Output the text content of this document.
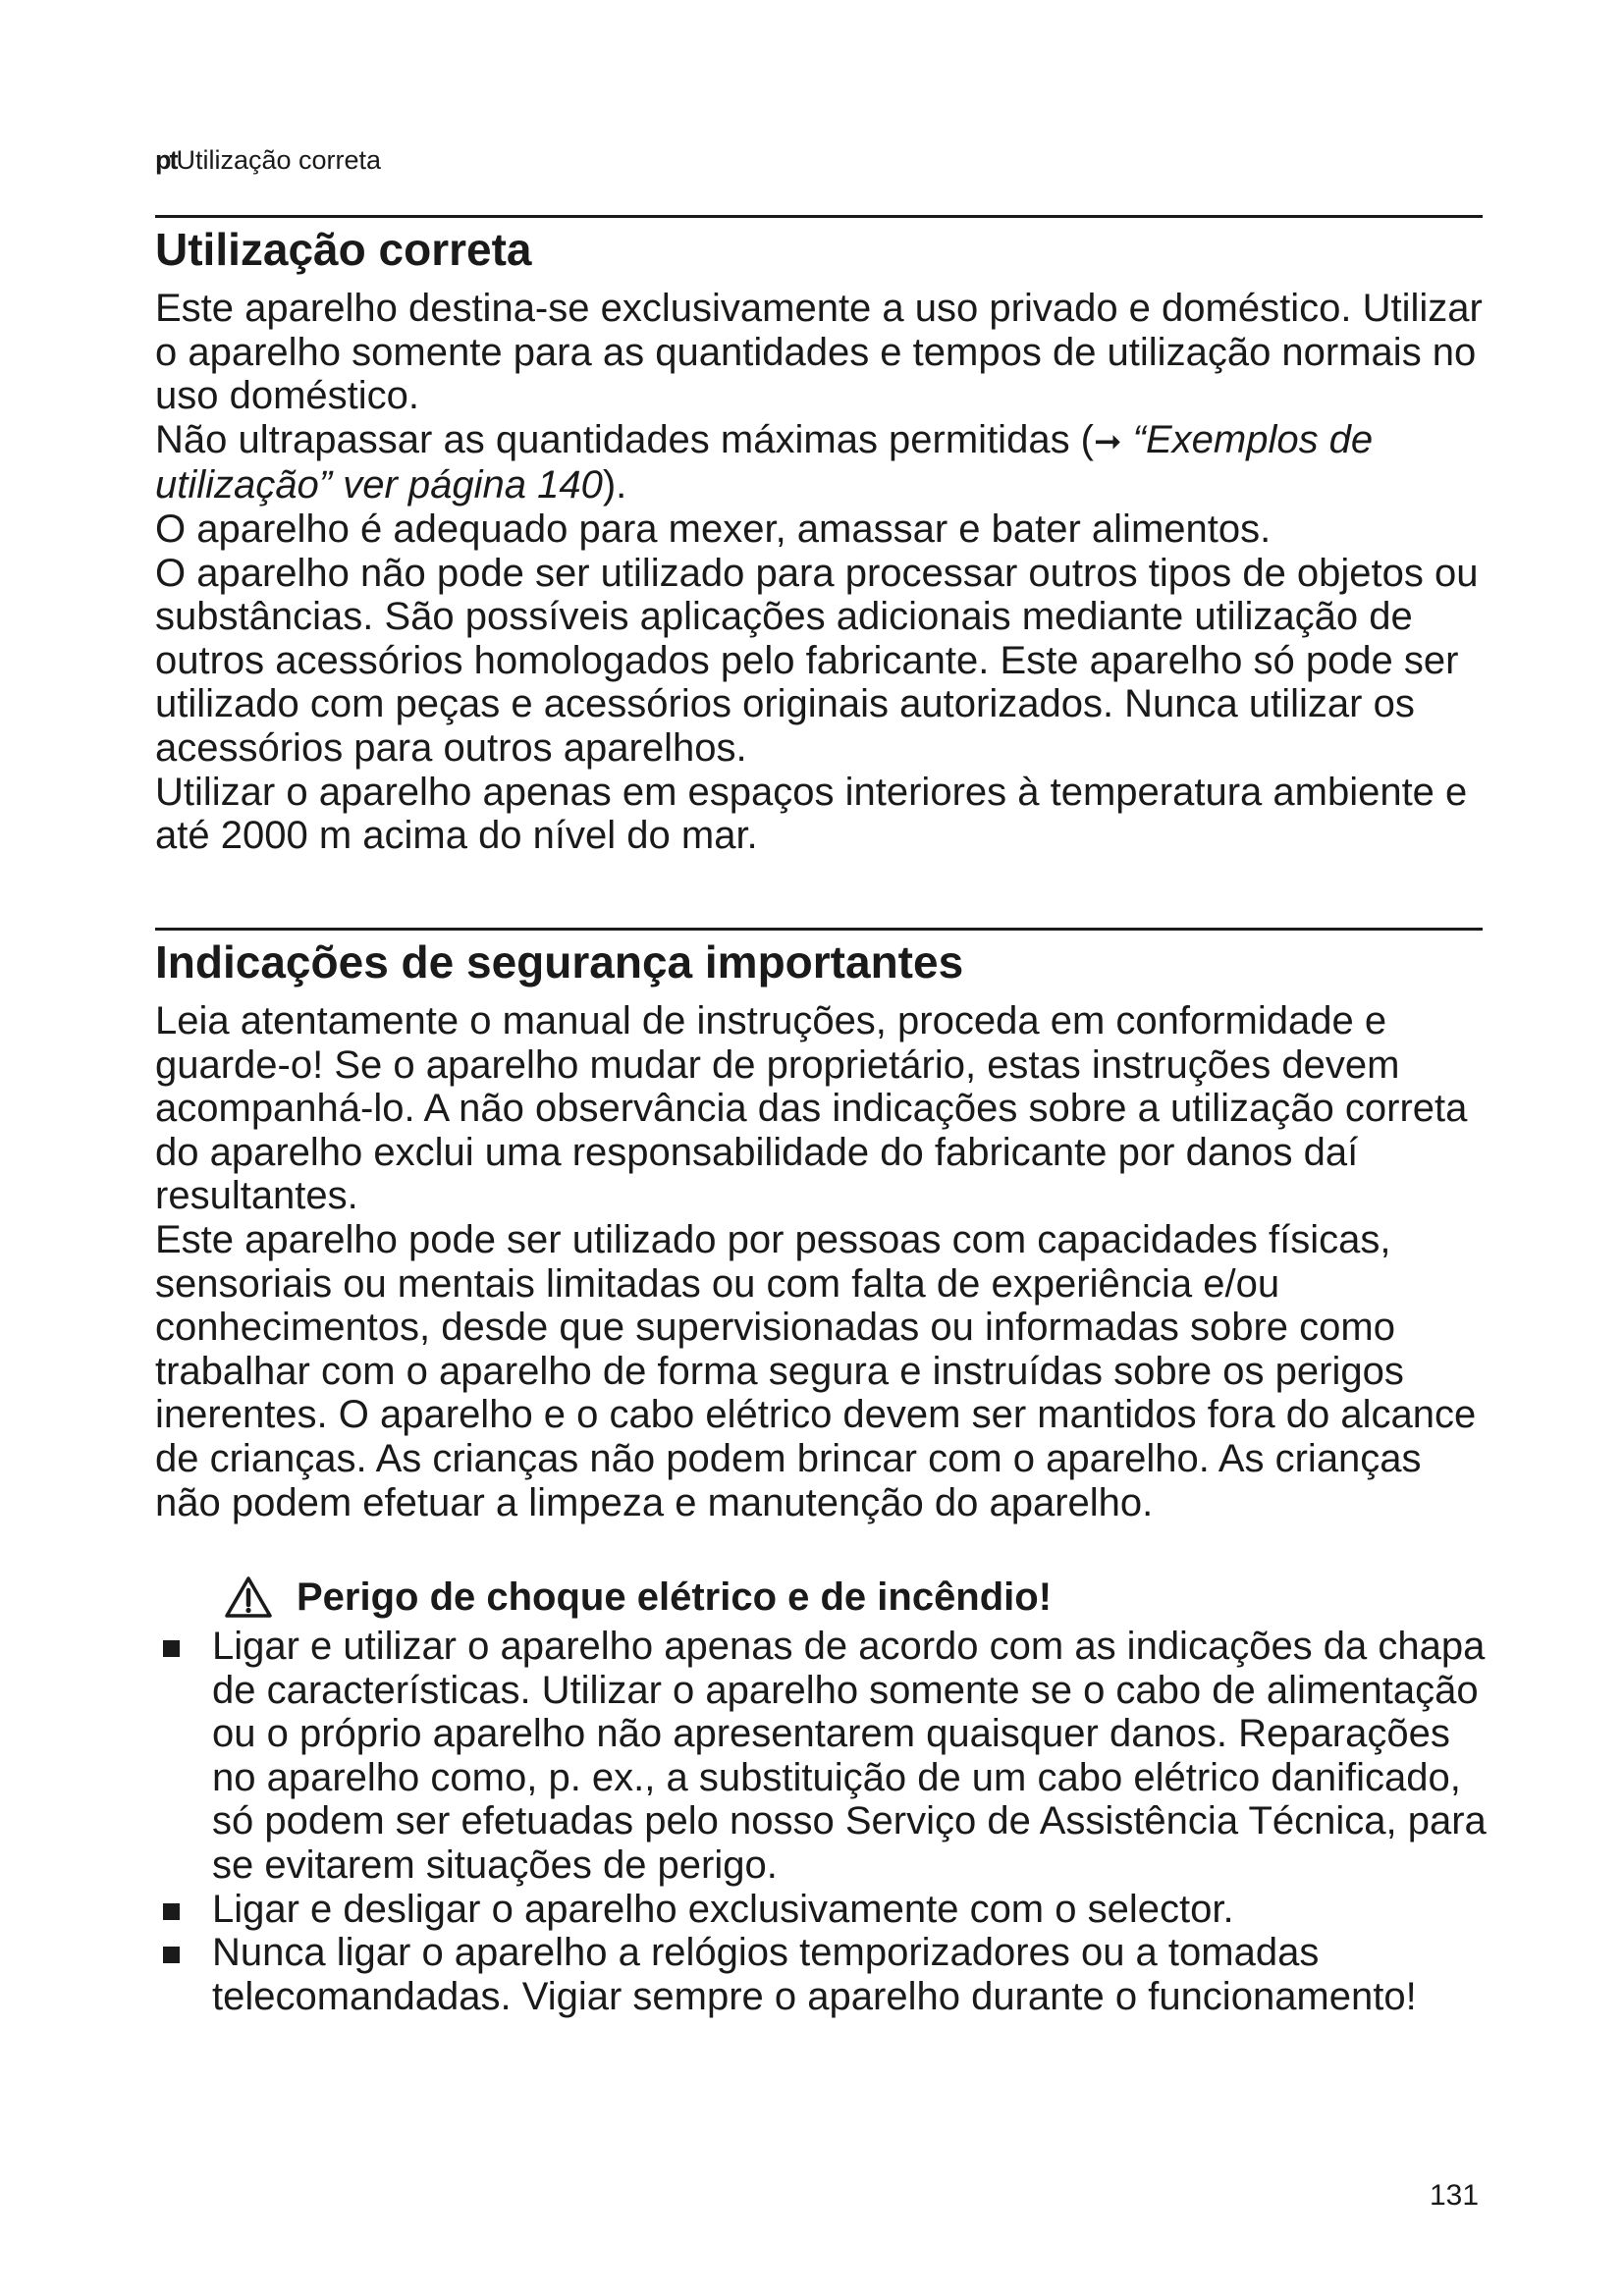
ptUtilização correta
Utilização correta

Este aparelho destina-se exclusivamente a uso privado e doméstico. Utilizar o aparelho somente para as quantidades e tempos de utilização normais no uso doméstico.

Não ultrapassar as quantidades máximas permitidas (➞ “Exemplos de utilização” ver página 140).

O aparelho é adequado para mexer, amassar e bater alimentos.

O aparelho não pode ser utilizado para processar outros tipos de objetos ou substâncias. São possíveis aplicações adicionais mediante utilização de outros acessórios homologados pelo fabricante. Este aparelho só pode ser utilizado com peças e acessórios originais autorizados. Nunca utilizar os acessórios para outros aparelhos.

Utilizar o aparelho apenas em espaços interiores à temperatura ambiente e até 2000 m acima do nível do mar.

Indicações de segurança importantes

Leia atentamente o manual de instruções, proceda em conformidade e guarde-o! Se o aparelho mudar de proprietário, estas instruções devem acompanhá-lo. A não observância das indicações sobre a utilização correta do aparelho exclui uma responsabilidade do fabricante por danos daí resultantes.

Este aparelho pode ser utilizado por pessoas com capacidades físicas, sensoriais ou mentais limitadas ou com falta de experiência e/ou conhecimentos, desde que supervisionadas ou informadas sobre como trabalhar com o aparelho de forma segura e instruídas sobre os perigos inerentes. O aparelho e o cabo elétrico devem ser mantidos fora do alcance de crianças. As crianças não podem brincar com o aparelho. As crianças não podem efetuar a limpeza e manutenção do aparelho.

Perigo de choque elétrico e de incêndio!
Ligar e utilizar o aparelho apenas de acordo com as indicações da chapa de características. Utilizar o aparelho somente se o cabo de alimentação ou o próprio aparelho não apresentarem quaisquer danos. Reparações no aparelho como, p. ex., a substituição de um cabo elétrico danificado, só podem ser efetuadas pelo nosso Serviço de Assistência Técnica, para se evitarem situações de perigo.
Ligar e desligar o aparelho exclusivamente com o selector.
Nunca ligar o aparelho a relógios temporizadores ou a tomadas telecomandadas. Vigiar sempre o aparelho durante o funcionamento!
131
